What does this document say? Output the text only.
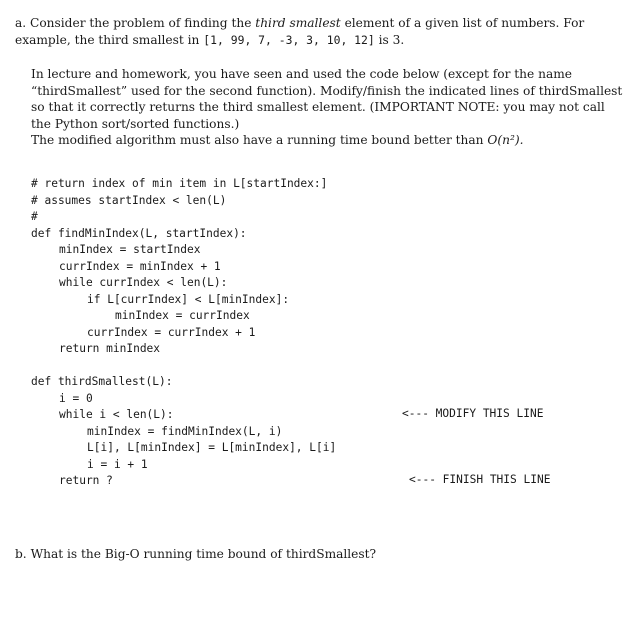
a. Consider the problem of finding the third smallest element of a given list of numbers. For example, the third smallest in [1, 99, 7, -3, 3, 10, 12] is 3.

In lecture and homework, you have seen and used the code below (except for the name “thirdSmallest” used for the second function). Modify/finish the indicated lines of thirdSmallest so that it correctly returns the third smallest element. (IMPORTANT NOTE: you may not call the Python sort/sorted functions.)

The modified algorithm must also have a running time bound better than O(n²).

# return index of min item in L[startIndex:]
# assumes startIndex < len(L)
#
def findMinIndex(L, startIndex):
minIndex = startIndex
currIndex = minIndex + 1
while currIndex < len(L):
if L[currIndex] < L[minIndex]:
minIndex = currIndex
currIndex = currIndex + 1
return minIndex
def thirdSmallest(L):
i = 0
while i < len(L):
minIndex = findMinIndex(L, i)
L[i], L[minIndex] = L[minIndex], L[i]
i = i + 1
return ?
<--- MODIFY THIS LINE
<--- FINISH THIS LINE

b. What is the Big-O running time bound of thirdSmallest?
